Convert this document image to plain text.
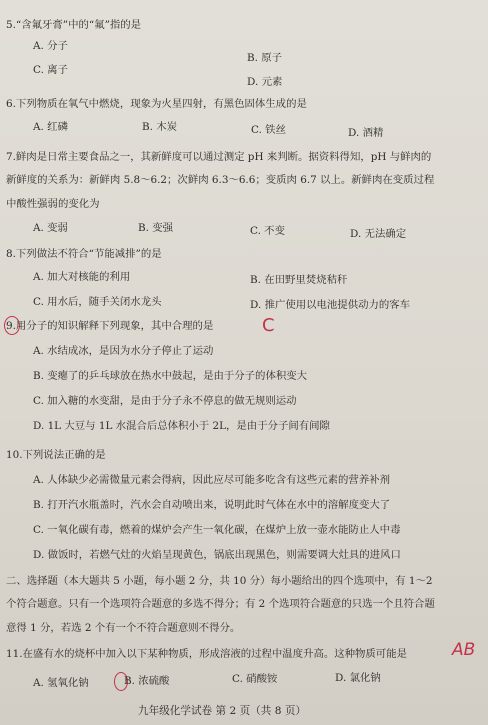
5.“含氟牙膏”中的“氟”指的是
A. 分子
B. 原子
C. 离子
D. 元素
6.下列物质在氧气中燃烧，现象为火星四射，有黑色固体生成的是
A. 红磷	B. 木炭	C. 铁丝	D. 酒精
7.鲜肉是日常主要食品之一，其新鲜度可以通过测定 pH 来判断。据资料得知，pH 与鲜肉的
新鲜度的关系为：新鲜肉 5.8～6.2；次鲜肉 6.3～6.6；变质肉 6.7 以上。新鲜肉在变质过程
中酸性强弱的变化为
A. 变弱	B. 变强	C. 不变	D. 无法确定
8.下列做法不符合“节能减排”的是
A. 加大对核能的利用	B. 在田野里焚烧秸秆
C. 用水后，随手关闭水龙头	D. 推广使用以电池提供动力的客车
9.用分子的知识解释下列现象，其中合理的是	C
A. 水结成冰，是因为水分子停止了运动
B. 变瘪了的乒乓球放在热水中鼓起，是由于分子的体积变大
C. 加入糖的水变甜，是由于分子永不停息的做无规则运动
D. 1L 大豆与 1L 水混合后总体积小于 2L，是由于分子间有间隙
10.下列说法正确的是
A. 人体缺少必需微量元素会得病，因此应尽可能多吃含有这些元素的营养补剂
B. 打开汽水瓶盖时，汽水会自动喷出来，说明此时气体在水中的溶解度变大了
C. 一氧化碳有毒，燃着的煤炉会产生一氧化碳，在煤炉上放一壶水能防止人中毒
D. 做饭时，若燃气灶的火焰呈现黄色，锅底出现黑色，则需要调大灶具的进风口
二、选择题（本大题共 5 小题，每小题 2 分，共 10 分）每小题给出的四个选项中，有 1～2
个符合题意。只有一个选项符合题意的多选不得分；有 2 个选项符合题意的只选一个且符合题
意得 1 分，若选 2 个有一个不符合题意则不得分。
11.在盛有水的烧杯中加入以下某种物质，形成溶液的过程中温度升高。这种物质可能是	AB
A. 氢氧化钠	B. 浓硫酸	C. 硝酸铵	D. 氯化钠
九年级化学试卷 第 2 页（共 8 页）
